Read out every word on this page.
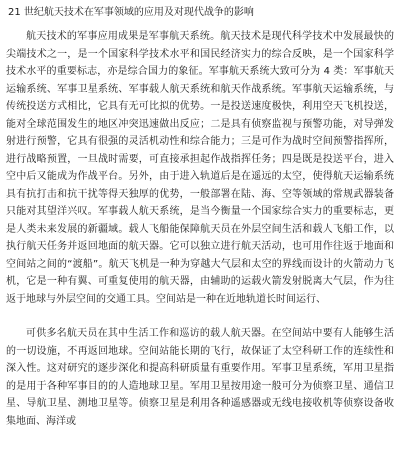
21 世纪航天技术在军事领域的应用及对现代战争的影响

航天技术的军事应用成果是军事航天系统。航天技术是现代科学技术中发展最快的尖端技术之一，是一个国家科学技术水平和国民经济实力的综合反映，是一个国家科学技术水平的重要标志，亦是综合国力的象征。军事航天系统大致可分为 4 类：军事航天运输系统、军事卫星系统、军事载人航天系统和航天作战系统。军事航天运输系统，与传统投送方式相比，它具有无可比拟的优势。一是投送速度极快，利用空天飞机投送，能对全球范围发生的地区冲突迅速做出反应；二是具有侦察监视与预警功能，对导弹发射进行预警，它具有很强的灵活机动性和综合能力；三是可作为战时空间预警指挥所，进行战略预置，一旦战时需要，可直接承担起作战指挥任务；四是既是投送平台，进入空中后又能成为作战平台。另外，由于进入轨道后是在遥远的太空，使得航天运输系统具有抗打击和抗干扰等得天独厚的优势，一般部署在陆、海、空等领域的常规武器装备只能对其望洋兴叹。军事载人航天系统，是当今衡量一个国家综合实力的重要标志，更是人类未来发展的新疆域。载人飞船能保障航天员在外层空间生活和载人飞船工作，以执行航天任务并返回地面的航天器。它可以独立进行航天活动，也可用作往返于地面和空间站之间的“渡船”。航天飞机是一种为穿越大气层和太空的界线而设计的火箭动力飞机，它是一种有翼、可重复使用的航天器，由辅助的运载火箭发射脱离大气层，作为往返于地球与外层空间的交通工具。空间站是一种在近地轨道长时间运行、

可供多名航天员在其中生活工作和巡访的载人航天器。在空间站中要有人能够生活的一切设施，不再返回地球。空间站能长期的飞行，故保证了太空科研工作的连续性和深入性。这对研究的逐步深化和提高科研质量有重要作用。军事卫星系统，军用卫星指的是用于各种军事目的的人造地球卫星。军用卫星按用途一般可分为侦察卫星、通信卫星、导航卫星、测地卫星等。侦察卫星是利用各种遥感器或无线电接收机等侦察设备收集地面、海洋或
